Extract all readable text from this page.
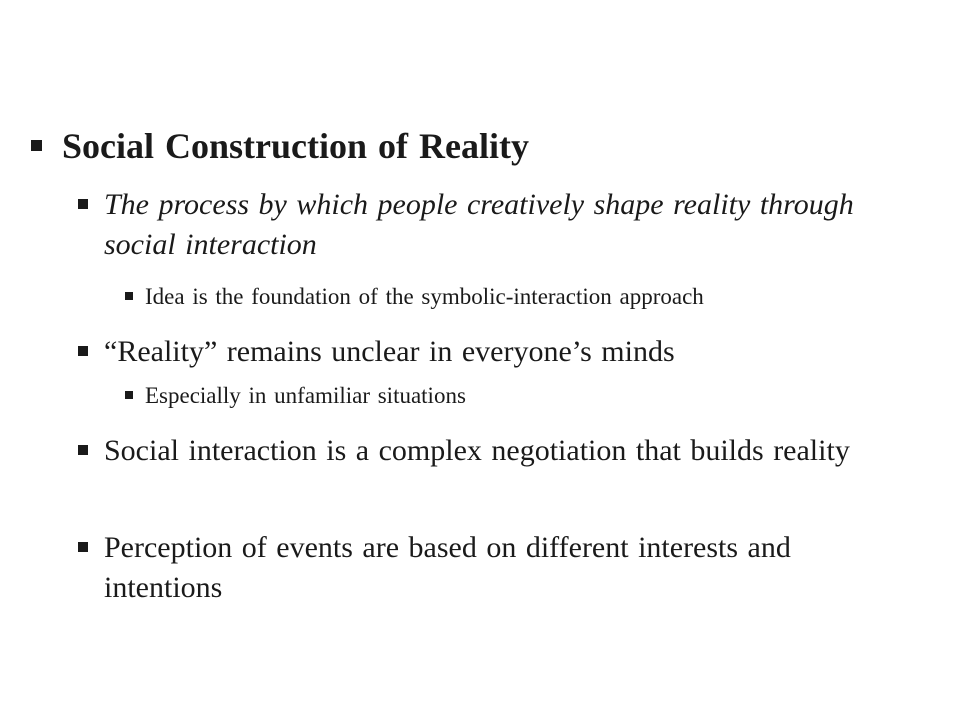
Social Construction of Reality
The process by which people creatively shape reality through social interaction
Idea is the foundation of the symbolic-interaction approach
“Reality” remains unclear in everyone’s minds
Especially in unfamiliar situations
Social interaction is a complex negotiation that builds reality
Perception of events are based on different interests and intentions
